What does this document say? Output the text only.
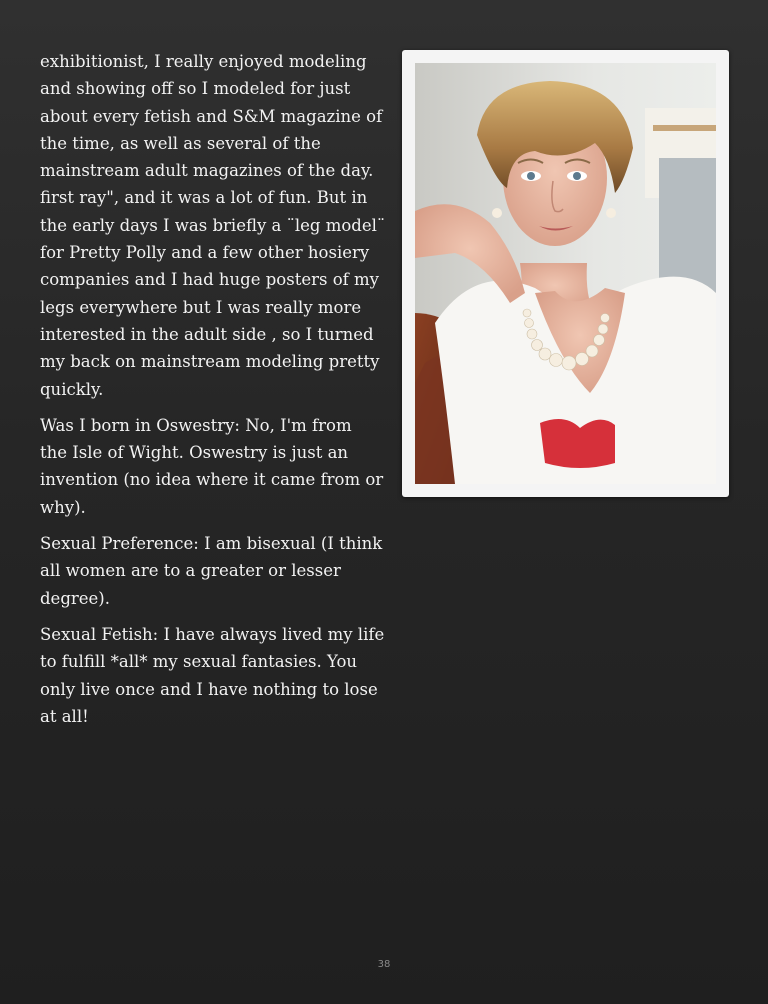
exhibitionist, I really enjoyed modeling
and showing off so I modeled for just
about every fetish and S&M magazine of
the time, as well as several of the
mainstream adult magazines of the day.
first ray", and it was a lot of fun. But in
the early days I was briefly a ¨leg model¨
for Pretty Polly and a few other hosiery
companies and I had huge posters of my
legs everywhere but I was really more
interested in the adult side , so I turned
my back on mainstream modeling pretty
quickly.

Was I born in Oswestry: No, I'm from
the Isle of Wight. Oswestry is just an
invention (no idea where it came from or
why).

Sexual Preference: I am bisexual (I think
all women are to a greater or lesser
degree).

Sexual Fetish: I have always lived my life
to fulfill *all* my sexual fantasies. You
only live once and I have nothing to lose
at all!

38
